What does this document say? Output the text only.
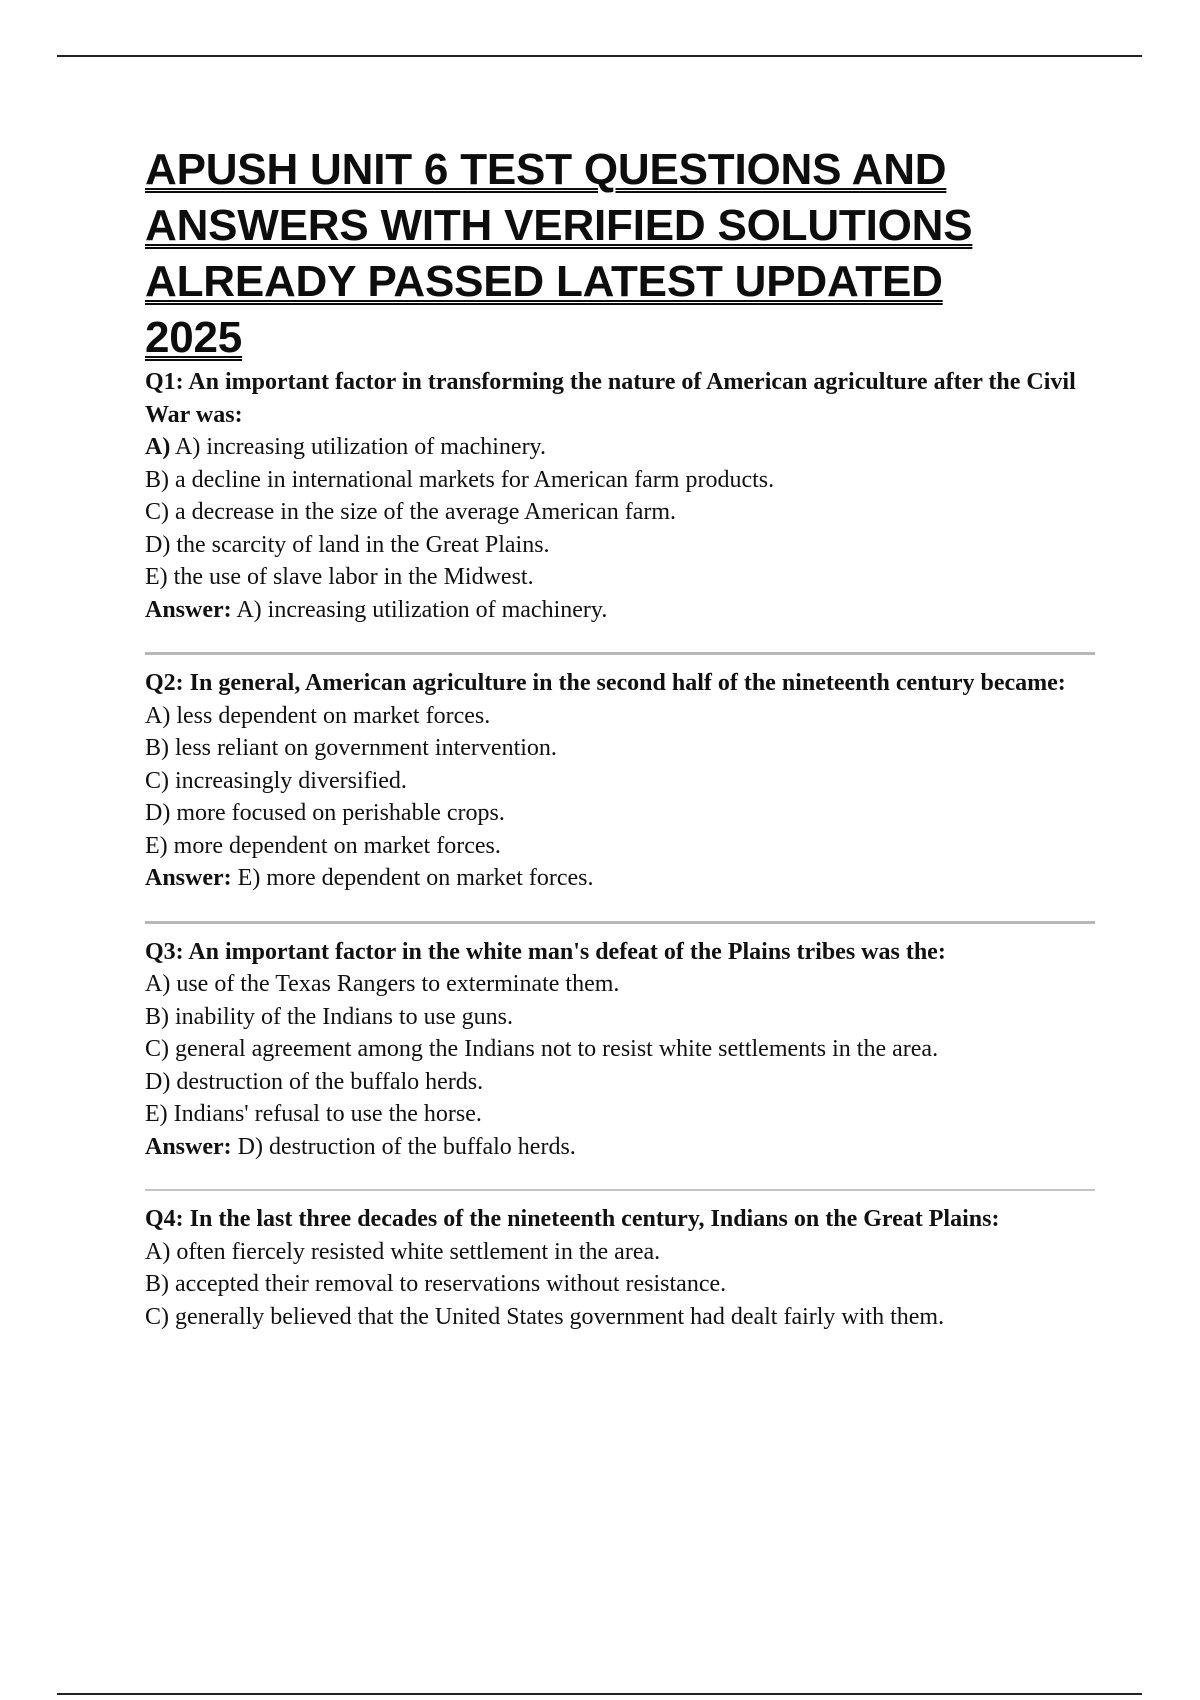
APUSH UNIT 6 TEST QUESTIONS AND
ANSWERS WITH VERIFIED SOLUTIONS
ALREADY PASSED LATEST UPDATED
2025

Q1: An important factor in transforming the nature of American agriculture after the Civil War was:

A) A) increasing utilization of machinery.

B) a decline in international markets for American farm products.

C) a decrease in the size of the average American farm.

D) the scarcity of land in the Great Plains.

E) the use of slave labor in the Midwest.

Answer: A) increasing utilization of machinery.

Q2: In general, American agriculture in the second half of the nineteenth century became:

A) less dependent on market forces.

B) less reliant on government intervention.

C) increasingly diversified.

D) more focused on perishable crops.

E) more dependent on market forces.

Answer: E) more dependent on market forces.

Q3: An important factor in the white man's defeat of the Plains tribes was the:

A) use of the Texas Rangers to exterminate them.

B) inability of the Indians to use guns.

C) general agreement among the Indians not to resist white settlements in the area.

D) destruction of the buffalo herds.

E) Indians' refusal to use the horse.

Answer: D) destruction of the buffalo herds.

Q4: In the last three decades of the nineteenth century, Indians on the Great Plains:

A) often fiercely resisted white settlement in the area.

B) accepted their removal to reservations without resistance.

C) generally believed that the United States government had dealt fairly with them.
